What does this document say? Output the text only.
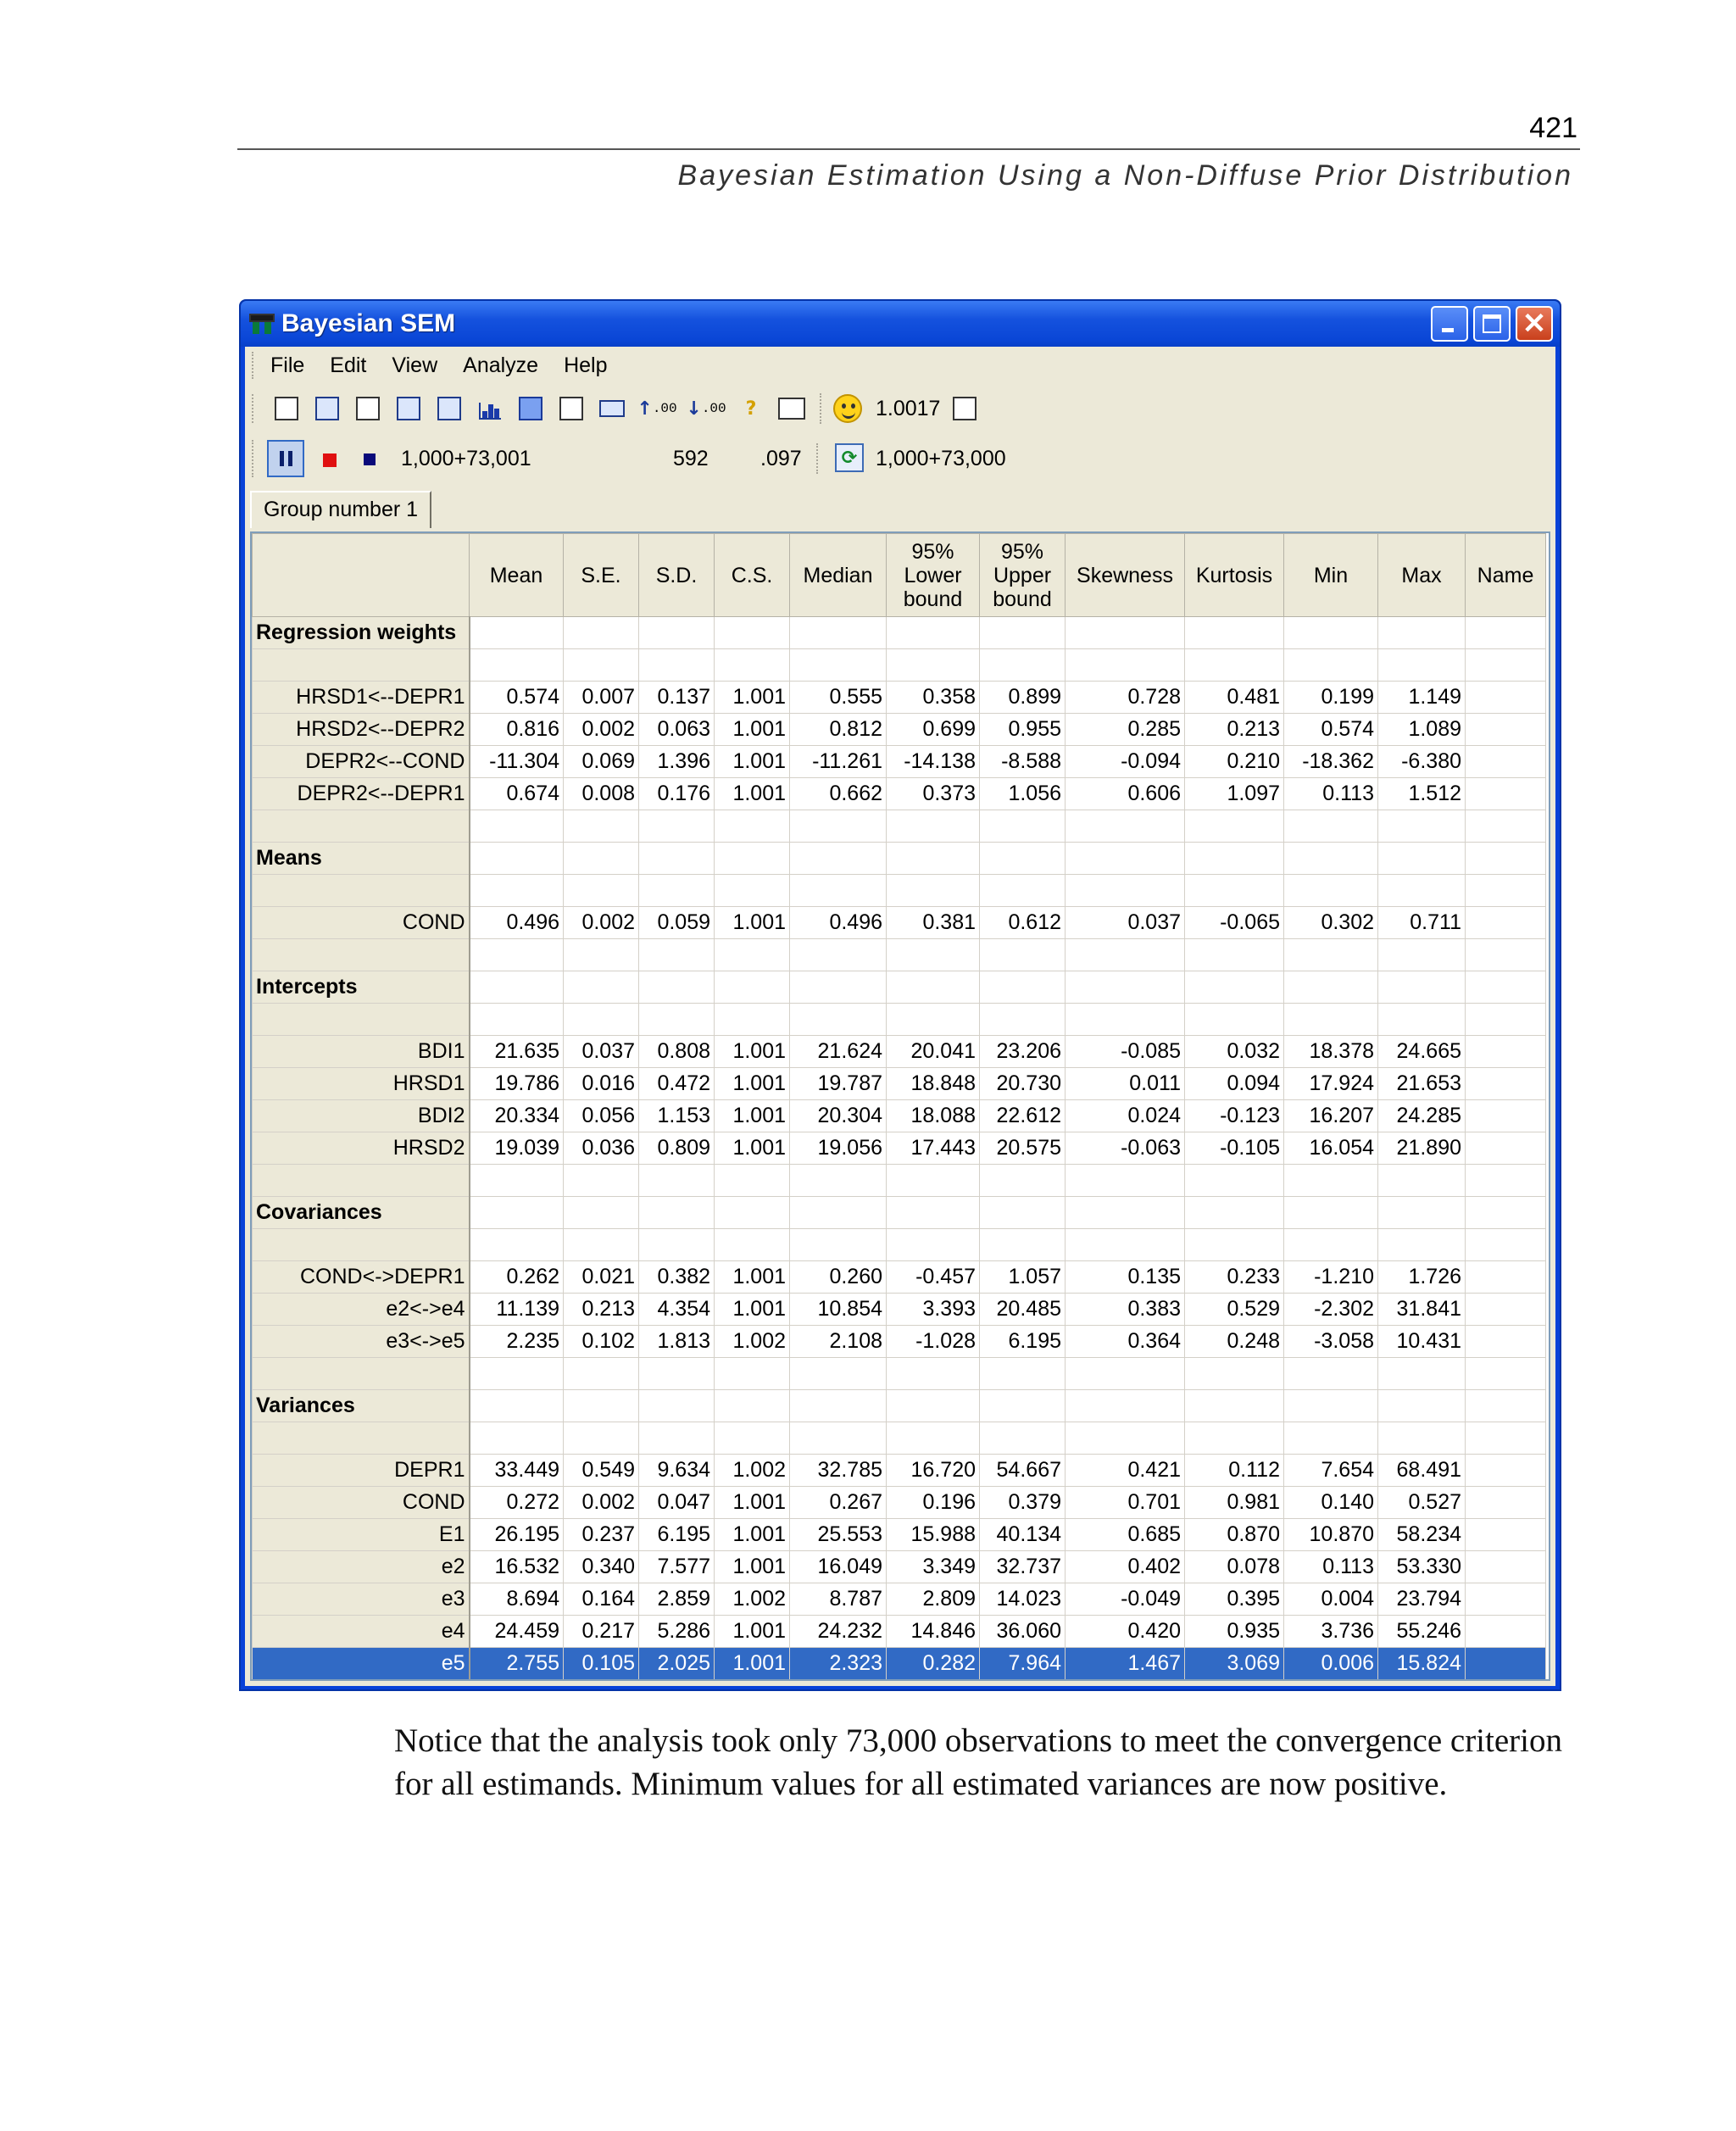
421
Bayesian Estimation Using a Non-Diffuse Prior Distribution
Bayesian SEM	✕
File Edit View Analyze Help
↑ .00 ↓ .00 ?	1.0017
1,000+73,001	592 .097	⟳ 1,000+73,000
Group number 1
	Mean	S.E.	S.D.	C.S.	Median	95%
Lower
bound	95%
Upper
bound	Skewness	Kurtosis	Min	Max	Name
Regression weights												

HRSD1<--DEPR1	0.574	0.007	0.137	1.001	0.555	0.358	0.899	0.728	0.481	0.199	1.149	
HRSD2<--DEPR2	0.816	0.002	0.063	1.001	0.812	0.699	0.955	0.285	0.213	0.574	1.089	
DEPR2<--COND	-11.304	0.069	1.396	1.001	-11.261	-14.138	-8.588	-0.094	0.210	-18.362	-6.380	
DEPR2<--DEPR1	0.674	0.008	0.176	1.001	0.662	0.373	1.056	0.606	1.097	0.113	1.512	

Means												

COND	0.496	0.002	0.059	1.001	0.496	0.381	0.612	0.037	-0.065	0.302	0.711	

Intercepts												

BDI1	21.635	0.037	0.808	1.001	21.624	20.041	23.206	-0.085	0.032	18.378	24.665	
HRSD1	19.786	0.016	0.472	1.001	19.787	18.848	20.730	0.011	0.094	17.924	21.653	
BDI2	20.334	0.056	1.153	1.001	20.304	18.088	22.612	0.024	-0.123	16.207	24.285	
HRSD2	19.039	0.036	0.809	1.001	19.056	17.443	20.575	-0.063	-0.105	16.054	21.890	

Covariances												

COND<->DEPR1	0.262	0.021	0.382	1.001	0.260	-0.457	1.057	0.135	0.233	-1.210	1.726	
e2<->e4	11.139	0.213	4.354	1.001	10.854	3.393	20.485	0.383	0.529	-2.302	31.841	
e3<->e5	2.235	0.102	1.813	1.002	2.108	-1.028	6.195	0.364	0.248	-3.058	10.431	

Variances												

DEPR1	33.449	0.549	9.634	1.002	32.785	16.720	54.667	0.421	0.112	7.654	68.491	
COND	0.272	0.002	0.047	1.001	0.267	0.196	0.379	0.701	0.981	0.140	0.527	
E1	26.195	0.237	6.195	1.001	25.553	15.988	40.134	0.685	0.870	10.870	58.234	
e2	16.532	0.340	7.577	1.001	16.049	3.349	32.737	0.402	0.078	0.113	53.330	
e3	8.694	0.164	2.859	1.002	8.787	2.809	14.023	-0.049	0.395	0.004	23.794	
e4	24.459	0.217	5.286	1.001	24.232	14.846	36.060	0.420	0.935	3.736	55.246	
e5	2.755	0.105	2.025	1.001	2.323	0.282	7.964	1.467	3.069	0.006	15.824	
Notice that the analysis took only 73,000 observations to meet the convergence criterion for all estimands. Minimum values for all estimated variances are now positive.
